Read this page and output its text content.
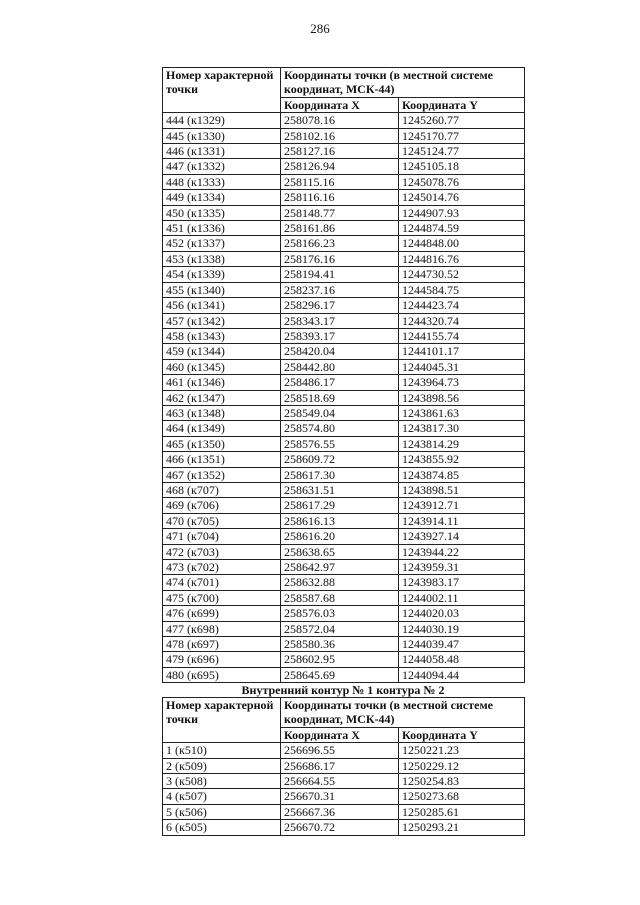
286
Номер характерной точки	Координаты точки (в местной системе координат, МСК-44)	
	Координата X	Координата Y
444 (к1329)	258078.16	1245260.77
445 (к1330)	258102.16	1245170.77
446 (к1331)	258127.16	1245124.77
447 (к1332)	258126.94	1245105.18
448 (к1333)	258115.16	1245078.76
449 (к1334)	258116.16	1245014.76
450 (к1335)	258148.77	1244907.93
451 (к1336)	258161.86	1244874.59
452 (к1337)	258166.23	1244848.00
453 (к1338)	258176.16	1244816.76
454 (к1339)	258194.41	1244730.52
455 (к1340)	258237.16	1244584.75
456 (к1341)	258296.17	1244423.74
457 (к1342)	258343.17	1244320.74
458 (к1343)	258393.17	1244155.74
459 (к1344)	258420.04	1244101.17
460 (к1345)	258442.80	1244045.31
461 (к1346)	258486.17	1243964.73
462 (к1347)	258518.69	1243898.56
463 (к1348)	258549.04	1243861.63
464 (к1349)	258574.80	1243817.30
465 (к1350)	258576.55	1243814.29
466 (к1351)	258609.72	1243855.92
467 (к1352)	258617.30	1243874.85
468 (к707)	258631.51	1243898.51
469 (к706)	258617.29	1243912.71
470 (к705)	258616.13	1243914.11
471 (к704)	258616.20	1243927.14
472 (к703)	258638.65	1243944.22
473 (к702)	258642.97	1243959.31
474 (к701)	258632.88	1243983.17
475 (к700)	258587.68	1244002.11
476 (к699)	258576.03	1244020.03
477 (к698)	258572.04	1244030.19
478 (к697)	258580.36	1244039.47
479 (к696)	258602.95	1244058.48
480 (к695)	258645.69	1244094.44
Внутренний контур № 1 контура № 2
Номер характерной точки	Координаты точки (в местной системе координат, МСК-44)	
	Координата X	Координата Y
1 (к510)	256696.55	1250221.23
2 (к509)	256686.17	1250229.12
3 (к508)	256664.55	1250254.83
4 (к507)	256670.31	1250273.68
5 (к506)	256667.36	1250285.61
6 (к505)	256670.72	1250293.21
